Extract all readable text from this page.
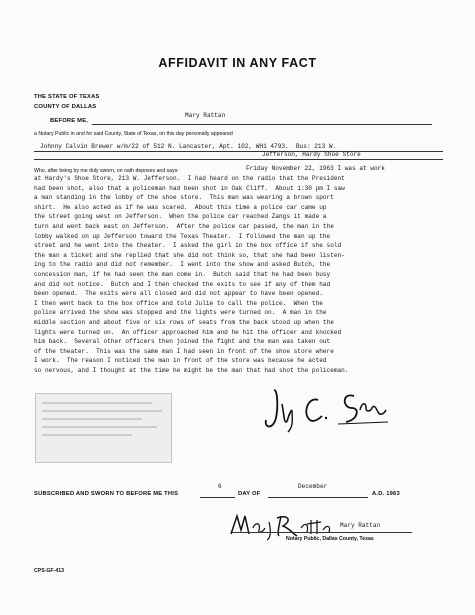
AFFIDAVIT IN ANY FACT
THE STATE OF TEXAS
COUNTY OF DALLAS
BEFORE ME,
Mary Rattan
a Notary Public in and for said County, State of Texas, on this day personally appeared
Johnny Calvin Brewer w/m/22 of 512 N. Lancaster, Apt. 102, WH1 4793.  Bus: 213 W.
Jefferson, Hardy Shoe Store
Who, after being by me duly sworn, on oath deposes and says:	Friday November 22, 1963 I was at work
at Hardy's Shoe Store, 213 W. Jefferson.  I had heard on the radio that the President
had been shot, also that a policeman had been shot in Oak Cliff.  About 1:30 pm I saw
a man standing in the lobby of the shoe store.  This man was wearing a brown sport
shirt.  He also acted as if he was scared.  About this time a police car came up
the street going west on Jefferson.  When the police car reached Zangs it made a
turn and went back east on Jefferson.  After the police car passed, the man in the
lobby walked on up Jefferson toward the Texas Theater.  I followed the man up the
street and he went into the theater.  I asked the girl in the box office if she sold
the man a ticket and she replied that she did not think so, that she had been listen-
ing to the radio and did not remember.  I went into the show and asked Butch, the
concession man, if he had seen the man come in.  Butch said that he had been busy
and did not notice.  Butch and I then checked the exits to see if any of them had
been opened.  The exits were all closed and did not appear to have been opened.
I then went back to the box office and told Julie to call the police.  When the
police arrived the show was stopped and the lights were turned on.  A man in the
middle section and about five or six rows of seats from the back stood up when the
lights were turned on.  An officer approached him and he hit the officer and knocked
him back.  Several other officers then joined the fight and the man was taken out
of the theater.  This was the same man I had seen in front of the shoe store where
I work.  The reason I noticed the man in front of the store was because he acted
so nervous, and I thought at the time he might be the man that had shot the policeman.
SUBSCRIBED AND SWORN TO BEFORE ME THIS
6
DAY OF
December
A.D. 1963
Mary Rattan
Notary Public, Dallas County, Texas
CPS-GF-413
